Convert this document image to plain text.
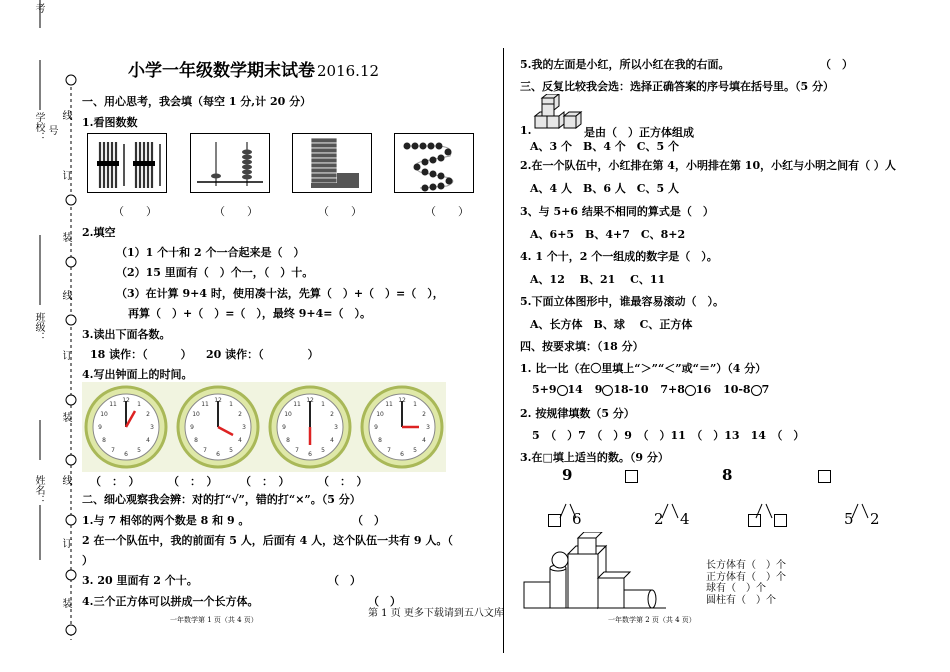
考
学校： 号
线
订
装
线
班级：
订
装
姓名： 线
订
装
小学一年级数学期末试卷 2016.12
一、用心思考，我会填（每空 1 分,计 20 分）
1.看图数数
（　　）	（　　）	（　　）	（　　）
2.填空
（1）1 个十和 2 个一合起来是（　）
（2）15 里面有（　）个一，（　）十。
（3）在计算 9+4 时，使用凑十法，先算（　）+（　）=（　），
再算（　）+（　）=（　），最终 9+4=（　）。
3.读出下面各数。
18 读作：（　　　） 20 读作：（　　　　）
4.写出钟面上的时间。
3
（　：　）	（　：　） （　：　）	（　：　）
二、细心观察我会辨：对的打“√”，错的打“×”。（5 分）
1.与 7 相邻的两个数是 8 和 9 。	（　）
2 在一个队伍中，我的前面有 5 人，后面有 4 人，这个队伍一共有 9 人。（
）
3. 20 里面有 2 个十。	（　）
4.三个正方体可以拼成一个长方体。	（　）
一年数学第 1 页（共 4 页）
第 1 页 更多下载请到五八文库
5.我的左面是小红，所以小红在我的右面。	（　）
三、反复比较我会选：选择正确答案的序号填在括号里。（5 分）
1.	是由（　）正方体组成
A、3 个　B、4 个　C、5 个
2.在一个队伍中，小红排在第 4，小明排在第 10，小红与小明之间有（ ）人
A、4 人　B、6 人　C、5 人
3、与 5+6 结果不相同的算式是（　）
A、6+5　B、4+7　C、8+2
4. 1 个十，2 个一组成的数字是（　）。
A、12　 B、21　 C、11
5.下面立体图形中，谁最容易滚动（　）。
A、长方体　B、球　 C、正方体
四、按要求填：（18 分）
1. 比一比（在〇里填上“＞”“＜”或“＝”）（4 分）
5+9 14 9 18-10 7+8 16 10-8 7
2. 按规律填数（5 分）
5　（　）7　（　）9　（　）11　（　）13　14　（　）
3.在□填上适当的数。（9 分）
9	8
6	2 4	5 2
长方体有（　）个
正方体有（　）个
球有（　）个
圆柱有（　）个
一年数学第 2 页（共 4 页）
